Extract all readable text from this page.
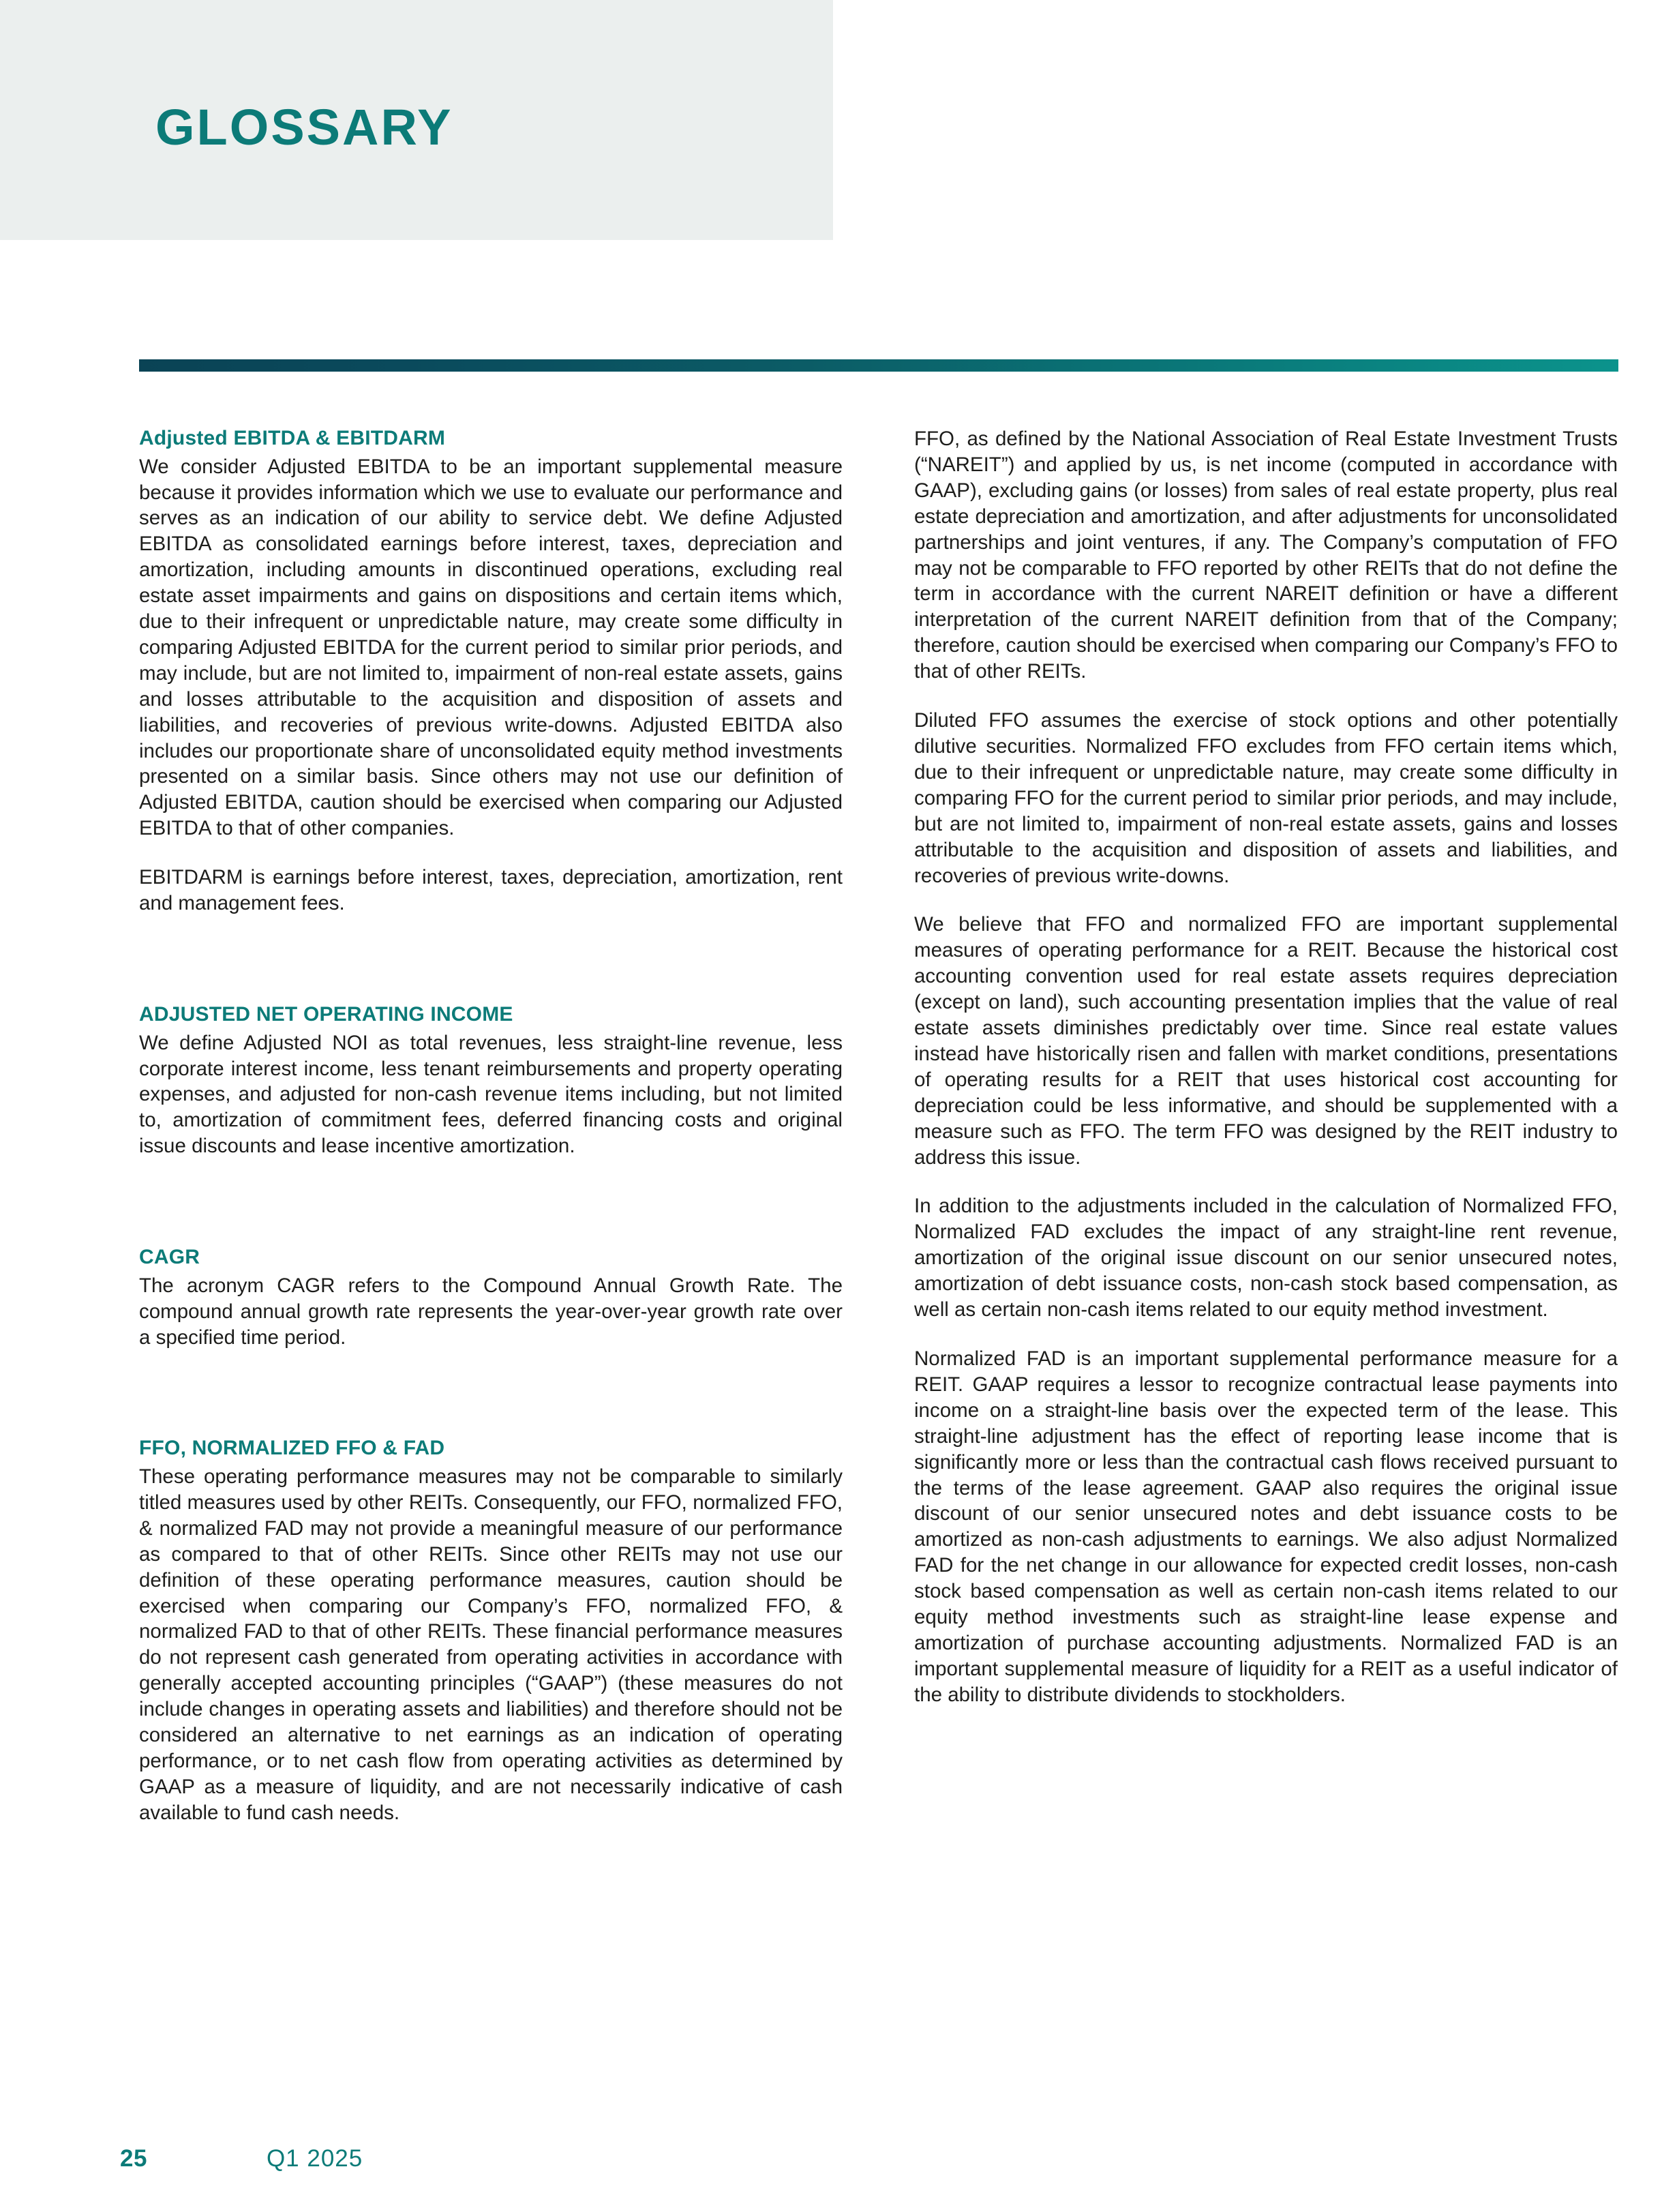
GLOSSARY
Adjusted EBITDA & EBITDARM

We consider Adjusted EBITDA to be an important supplemental measure because it provides information which we use to evaluate our performance and serves as an indication of our ability to service debt. We define Adjusted EBITDA as consolidated earnings before interest, taxes, depreciation and amortization, including amounts in discontinued operations, excluding real estate asset impairments and gains on dispositions and certain items which, due to their infrequent or unpredictable nature, may create some difficulty in comparing Adjusted EBITDA for the current period to similar prior periods, and may include, but are not limited to, impairment of non-real estate assets, gains and losses attributable to the acquisition and disposition of assets and liabilities, and recoveries of previous write-downs. Adjusted EBITDA also includes our proportionate share of unconsolidated equity method investments presented on a similar basis. Since others may not use our definition of Adjusted EBITDA, caution should be exercised when comparing our Adjusted EBITDA to that of other companies.

EBITDARM is earnings before interest, taxes, depreciation, amortization, rent and management fees.

ADJUSTED NET OPERATING INCOME

We define Adjusted NOI as total revenues, less straight-line revenue, less corporate interest income, less tenant reimbursements and property operating expenses, and adjusted for non-cash revenue items including, but not limited to, amortization of commitment fees, deferred financing costs and original issue discounts and lease incentive amortization.

CAGR

The acronym CAGR refers to the Compound Annual Growth Rate. The compound annual growth rate represents the year-over-year growth rate over a specified time period.

FFO, NORMALIZED FFO & FAD

These operating performance measures may not be comparable to similarly titled measures used by other REITs. Consequently, our FFO, normalized FFO, & normalized FAD may not provide a meaningful measure of our performance as compared to that of other REITs. Since other REITs may not use our definition of these operating performance measures, caution should be exercised when comparing our Company’s FFO, normalized FFO, & normalized FAD to that of other REITs. These financial performance measures do not represent cash generated from operating activities in accordance with generally accepted accounting principles (“GAAP”) (these measures do not include changes in operating assets and liabilities) and therefore should not be considered an alternative to net earnings as an indication of operating performance, or to net cash flow from operating activities as determined by GAAP as a measure of liquidity, and are not necessarily indicative of cash available to fund cash needs.

FFO, as defined by the National Association of Real Estate Investment Trusts (“NAREIT”) and applied by us, is net income (computed in accordance with GAAP), excluding gains (or losses) from sales of real estate property, plus real estate depreciation and amortization, and after adjustments for unconsolidated partnerships and joint ventures, if any. The Company’s computation of FFO may not be comparable to FFO reported by other REITs that do not define the term in accordance with the current NAREIT definition or have a different interpretation of the current NAREIT definition from that of the Company; therefore, caution should be exercised when comparing our Company’s FFO to that of other REITs.

Diluted FFO assumes the exercise of stock options and other potentially dilutive securities. Normalized FFO excludes from FFO certain items which, due to their infrequent or unpredictable nature, may create some difficulty in comparing FFO for the current period to similar prior periods, and may include, but are not limited to, impairment of non-real estate assets, gains and losses attributable to the acquisition and disposition of assets and liabilities, and recoveries of previous write-downs.

We believe that FFO and normalized FFO are important supplemental measures of operating performance for a REIT. Because the historical cost accounting convention used for real estate assets requires depreciation (except on land), such accounting presentation implies that the value of real estate assets diminishes predictably over time. Since real estate values instead have historically risen and fallen with market conditions, presentations of operating results for a REIT that uses historical cost accounting for depreciation could be less informative, and should be supplemented with a measure such as FFO. The term FFO was designed by the REIT industry to address this issue.

In addition to the adjustments included in the calculation of Normalized FFO, Normalized FAD excludes the impact of any straight-line rent revenue, amortization of the original issue discount on our senior unsecured notes, amortization of debt issuance costs, non-cash stock based compensation, as well as certain non-cash items related to our equity method investment.

Normalized FAD is an important supplemental performance measure for a REIT. GAAP requires a lessor to recognize contractual lease payments into income on a straight-line basis over the expected term of the lease. This straight-line adjustment has the effect of reporting lease income that is significantly more or less than the contractual cash flows received pursuant to the terms of the lease agreement. GAAP also requires the original issue discount of our senior unsecured notes and debt issuance costs to be amortized as non-cash adjustments to earnings. We also adjust Normalized FAD for the net change in our allowance for expected credit losses, non-cash stock based compensation as well as certain non-cash items related to our equity method investments such as straight-line lease expense and amortization of purchase accounting adjustments. Normalized FAD is an important supplemental measure of liquidity for a REIT as a useful indicator of the ability to distribute dividends to stockholders.

25	Q1 2025
